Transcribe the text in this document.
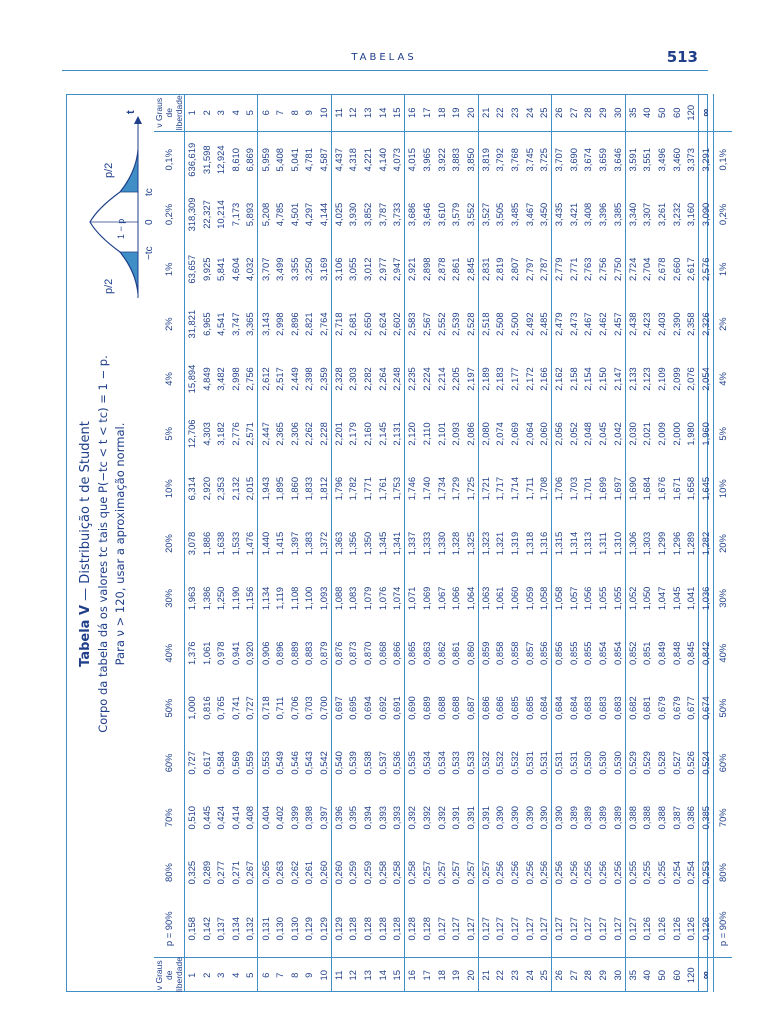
TABELAS	513
Tabela V — Distribuição t de Student Corpo da tabela dá os valores tc tais que P(−tc < t < tc) = 1 − p. Para ν > 120, usar a aproximação normal.
p/2
p/2
1 − p
−tc
0
tc
t
ν Graus de liberdade	p = 90%	80%	70%	60%	50%	40%	30%	20%	10%	5%	4%	2%	1%	0,2%	0,1%	ν Graus de liberdade
1	0,158	0,325	0,510	0,727	1,000	1,376	1,963	3,078	6,314	12,706	15,894	31,821	63,657	318,309	636,619	1
2	0,142	0,289	0,445	0,617	0,816	1,061	1,386	1,886	2,920	4,303	4,849	6,965	9,925	22,327	31,598	2
3	0,137	0,277	0,424	0,584	0,765	0,978	1,250	1,638	2,353	3,182	3,482	4,541	5,841	10,214	12,924	3
4	0,134	0,271	0,414	0,569	0,741	0,941	1,190	1,533	2,132	2,776	2,998	3,747	4,604	7,173	8,610	4
5	0,132	0,267	0,408	0,559	0,727	0,920	1,156	1,476	2,015	2,571	2,756	3,365	4,032	5,893	6,869	5
6	0,131	0,265	0,404	0,553	0,718	0,906	1,134	1,440	1,943	2,447	2,612	3,143	3,707	5,208	5,959	6
7	0,130	0,263	0,402	0,549	0,711	0,896	1,119	1,415	1,895	2,365	2,517	2,998	3,499	4,785	5,408	7
8	0,130	0,262	0,399	0,546	0,706	0,889	1,108	1,397	1,860	2,306	2,449	2,896	3,355	4,501	5,041	8
9	0,129	0,261	0,398	0,543	0,703	0,883	1,100	1,383	1,833	2,262	2,398	2,821	3,250	4,297	4,781	9
10	0,129	0,260	0,397	0,542	0,700	0,879	1,093	1,372	1,812	2,228	2,359	2,764	3,169	4,144	4,587	10
11	0,129	0,260	0,396	0,540	0,697	0,876	1,088	1,363	1,796	2,201	2,328	2,718	3,106	4,025	4,437	11
12	0,128	0,259	0,395	0,539	0,695	0,873	1,083	1,356	1,782	2,179	2,303	2,681	3,055	3,930	4,318	12
13	0,128	0,259	0,394	0,538	0,694	0,870	1,079	1,350	1,771	2,160	2,282	2,650	3,012	3,852	4,221	13
14	0,128	0,258	0,393	0,537	0,692	0,868	1,076	1,345	1,761	2,145	2,264	2,624	2,977	3,787	4,140	14
15	0,128	0,258	0,393	0,536	0,691	0,866	1,074	1,341	1,753	2,131	2,248	2,602	2,947	3,733	4,073	15
16	0,128	0,258	0,392	0,535	0,690	0,865	1,071	1,337	1,746	2,120	2,235	2,583	2,921	3,686	4,015	16
17	0,128	0,257	0,392	0,534	0,689	0,863	1,069	1,333	1,740	2,110	2,224	2,567	2,898	3,646	3,965	17
18	0,127	0,257	0,392	0,534	0,688	0,862	1,067	1,330	1,734	2,101	2,214	2,552	2,878	3,610	3,922	18
19	0,127	0,257	0,391	0,533	0,688	0,861	1,066	1,328	1,729	2,093	2,205	2,539	2,861	3,579	3,883	19
20	0,127	0,257	0,391	0,533	0,687	0,860	1,064	1,325	1,725	2,086	2,197	2,528	2,845	3,552	3,850	20
21	0,127	0,257	0,391	0,532	0,686	0,859	1,063	1,323	1,721	2,080	2,189	2,518	2,831	3,527	3,819	21
22	0,127	0,256	0,390	0,532	0,686	0,858	1,061	1,321	1,717	2,074	2,183	2,508	2,819	3,505	3,792	22
23	0,127	0,256	0,390	0,532	0,685	0,858	1,060	1,319	1,714	2,069	2,177	2,500	2,807	3,485	3,768	23
24	0,127	0,256	0,390	0,531	0,685	0,857	1,059	1,318	1,711	2,064	2,172	2,492	2,797	3,467	3,745	24
25	0,127	0,256	0,390	0,531	0,684	0,856	1,058	1,316	1,708	2,060	2,166	2,485	2,787	3,450	3,725	25
26	0,127	0,256	0,390	0,531	0,684	0,856	1,058	1,315	1,706	2,056	2,162	2,479	2,779	3,435	3,707	26
27	0,127	0,256	0,389	0,531	0,684	0,855	1,057	1,314	1,703	2,052	2,158	2,473	2,771	3,421	3,690	27
28	0,127	0,256	0,389	0,530	0,683	0,855	1,056	1,313	1,701	2,048	2,154	2,467	2,763	3,408	3,674	28
29	0,127	0,256	0,389	0,530	0,683	0,854	1,055	1,311	1,699	2,045	2,150	2,462	2,756	3,396	3,659	29
30	0,127	0,256	0,389	0,530	0,683	0,854	1,055	1,310	1,697	2,042	2,147	2,457	2,750	3,385	3,646	30
35	0,127	0,255	0,388	0,529	0,682	0,852	1,052	1,306	1,690	2,030	2,133	2,438	2,724	3,340	3,591	35
40	0,126	0,255	0,388	0,529	0,681	0,851	1,050	1,303	1,684	2,021	2,123	2,423	2,704	3,307	3,551	40
50	0,126	0,255	0,388	0,528	0,679	0,849	1,047	1,299	1,676	2,009	2,109	2,403	2,678	3,261	3,496	50
60	0,126	0,254	0,387	0,527	0,679	0,848	1,045	1,296	1,671	2,000	2,099	2,390	2,660	3,232	3,460	60
120	0,126	0,254	0,386	0,526	0,677	0,845	1,041	1,289	1,658	1,980	2,076	2,358	2,617	3,160	3,373	120
∞	0,126	0,253	0,385	0,524	0,674	0,842	1,036	1,282	1,645	1,960	2,054	2,326	2,576	3,090	3,291	∞
	p = 90%	80%	70%	60%	50%	40%	30%	20%	10%	5%	4%	2%	1%	0,2%	0,1%	
